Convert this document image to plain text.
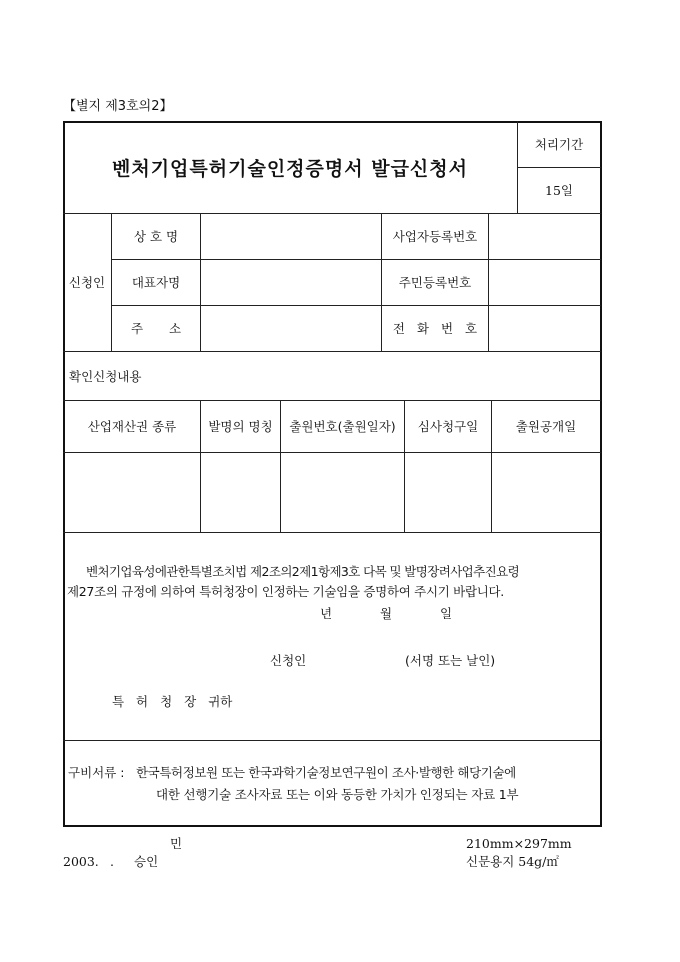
【별지 제3호의2】
벤처기업특허기술인정증명서 발급신청서
처리기간
15일
신청인
상 호 명	사업자등록번호
대표자명	주민등록번호
주 소	전 화 번 호
확인신청내용
산업재산권 종류	발명의 명칭	출원번호(출원일자)	심사청구일	출원공개일
벤처기업육성에관한특별조치법 제2조의2제1항제3호 다목 및 발명장려사업추진요령
제27조의 규정에 의하여 특허청장이 인정하는 기술임을 증명하여 주시기 바랍니다.
년	월	일
신청인	(서명 또는 날인)
특 허 청 장 귀하
구비서류 : 한국특허정보원 또는 한국과학기술정보연구원이 조사·발행한 해당기술에
대한 선행기술 조사자료 또는 이와 동등한 가치가 인정되는 자료 1부
민
2003. . 승인
210mm×297mm
신문용지 54g/㎡
